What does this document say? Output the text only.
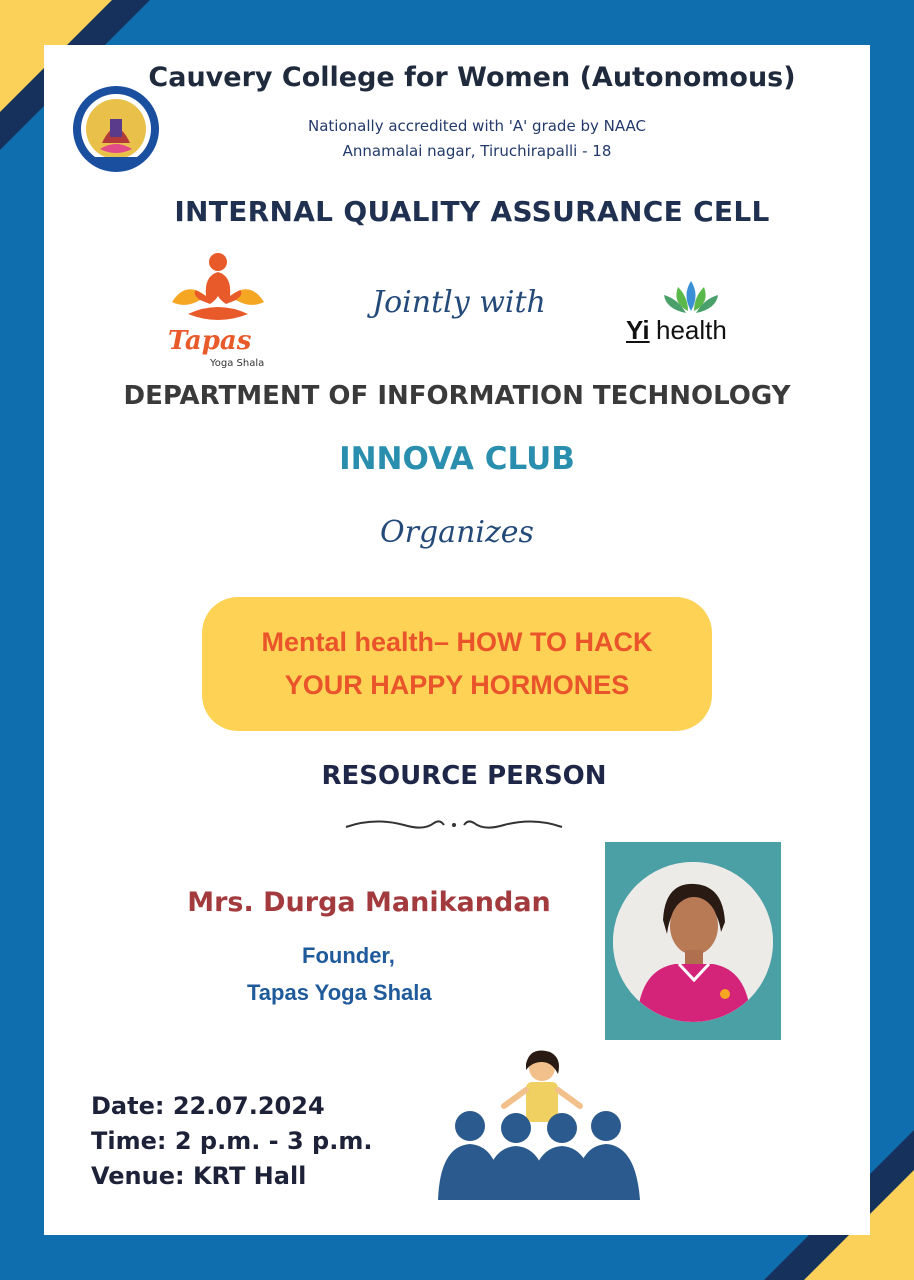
Cauvery College for Women (Autonomous)
Nationally accredited with 'A' grade by NAAC
Annamalai nagar, Tiruchirapalli - 18
INTERNAL QUALITY ASSURANCE CELL
Tapas
Yoga Shala
Jointly with
Yi health
DEPARTMENT OF INFORMATION TECHNOLOGY
INNOVA CLUB
Organizes
Mental health– HOW TO HACK
YOUR HAPPY HORMONES
RESOURCE PERSON
Mrs. Durga Manikandan
Founder,
Tapas Yoga Shala
Date: 22.07.2024
Time: 2 p.m. - 3 p.m.
Venue: KRT Hall
